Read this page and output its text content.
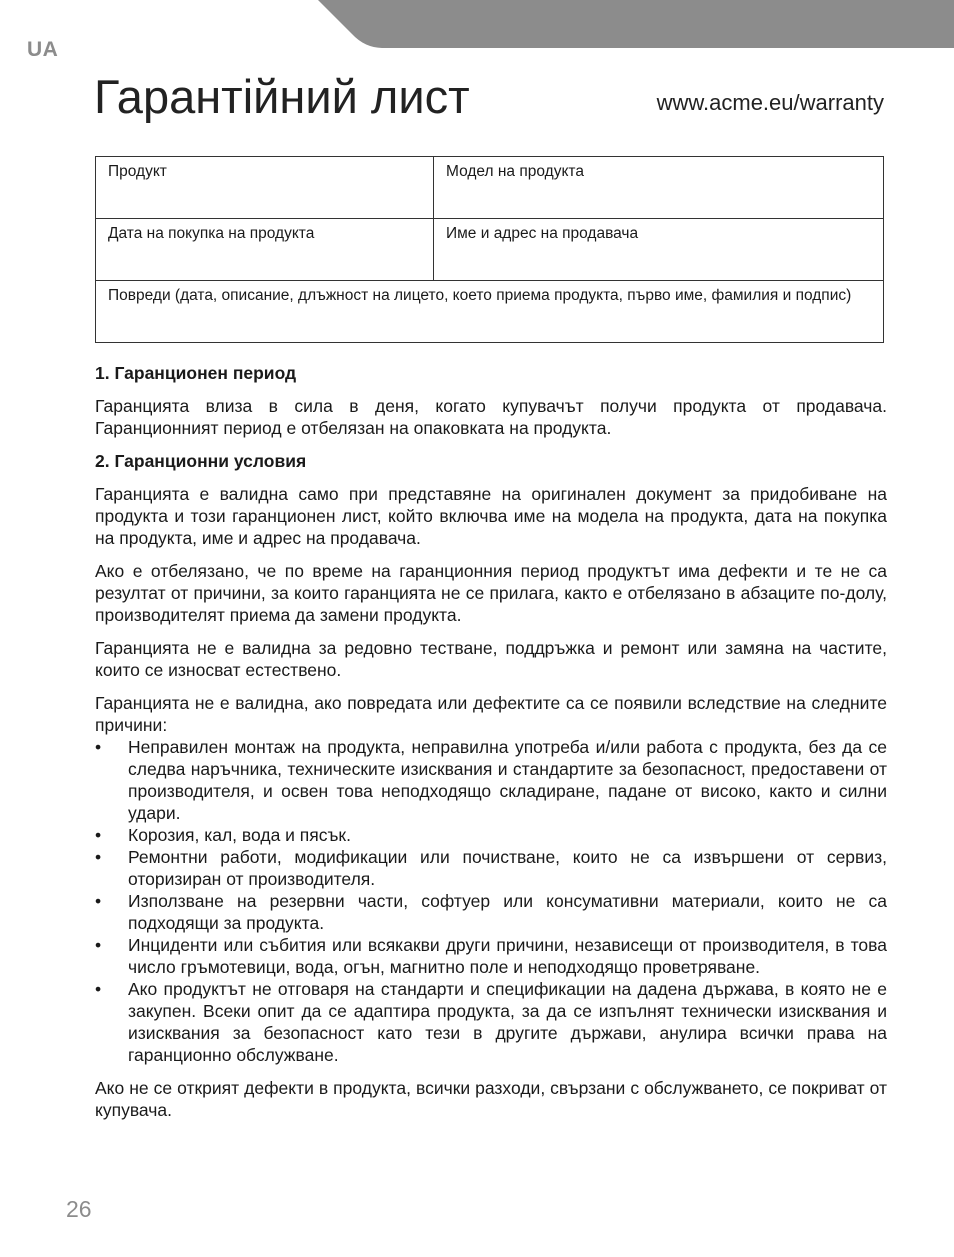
UA
Гарантійний лист	www.acme.eu/warranty
Продукт	Модел на продукта
Дата на покупка на продукта	Име и адрес на продавача
Повреди (дата, описание, длъжност на лицето, което приема продукта, първо име, фамилия и подпис)	
1. Гаранционен период

Гаранцията влиза в сила в деня, когато купувачът получи продукта от продавача. Гаранционният период е отбелязан на опаковката на продукта.

2. Гаранционни условия

Гаранцията е валидна само при представяне на оригинален документ за придобиване на продукта и този гаранционен лист, който включва име на модела на продукта, дата на покупка на продукта, име и адрес на продавача.

Ако е отбелязано, че по време на гаранционния период продуктът има дефекти и те не са резултат от причини, за които гаранцията не се прилага, както е отбелязано в абзаците по-долу, производителят приема да замени продукта.

Гаранцията не е валидна за редовно тестване, поддръжка и ремонт или замяна на частите, които се износват естествено.

Гаранцията не е валидна, ако повредата или дефектите са се появили вследствие на следните причини:

• Неправилен монтаж на продукта, неправилна употреба и/или работа с продукта, без да се следва наръчника, техническите изисквания и стандартите за безопасност, предоставени от производителя, и освен това неподходящо складиране, падане от високо, както и силни удари.
• Корозия, кал, вода и пясък.
• Ремонтни работи, модификации или почистване, които не са извършени от сервиз, оторизиран от производителя.
• Използване на резервни части, софтуер или консумативни материали, които не са подходящи за продукта.
• Инциденти или събития или всякакви други причини, независещи от производителя, в това число гръмотевици, вода, огън, магнитно поле и неподходящо проветряване.
• Ако продуктът не отговаря на стандарти и спецификации на дадена държава, в която не е закупен. Всеки опит да се адаптира продукта, за да се изпълнят технически изисквания и изисквания за безопасност като тези в другите държави, анулира всички права на гаранционно обслужване.

Ако не се открият дефекти в продукта, всички разходи, свързани с обслужването, се покриват от купувача.

26
